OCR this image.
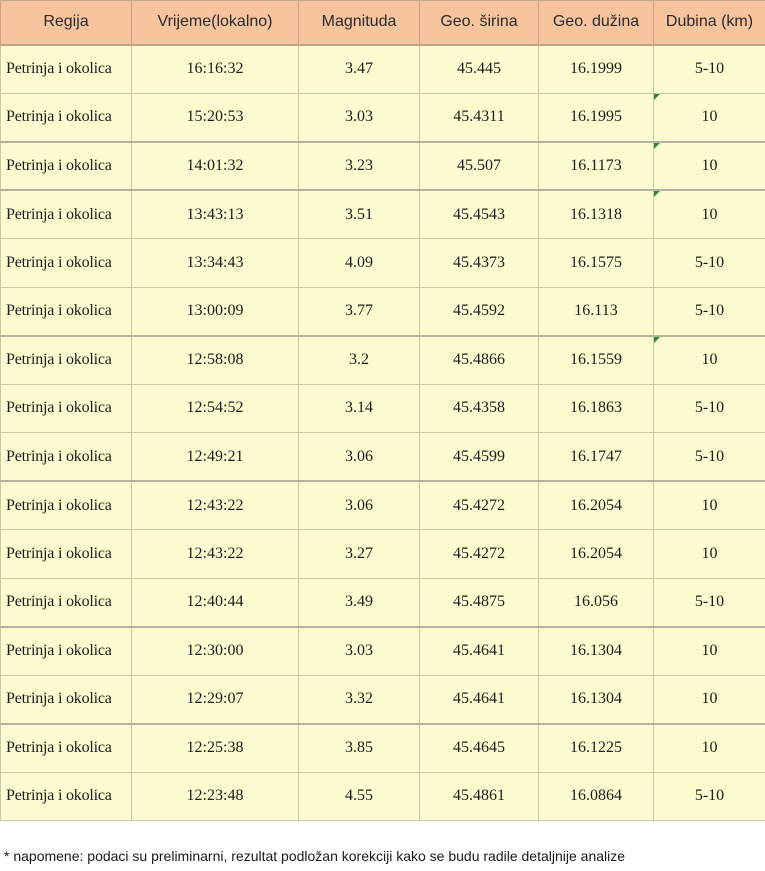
Regija	Vrijeme(lokalno)	Magnituda	Geo. širina	Geo. dužina	Dubina (km)
Petrinja i okolica	16:16:32	3.47	45.445	16.1999	5-10
Petrinja i okolica	15:20:53	3.03	45.4311	16.1995	10
Petrinja i okolica	14:01:32	3.23	45.507	16.1173	10
Petrinja i okolica	13:43:13	3.51	45.4543	16.1318	10
Petrinja i okolica	13:34:43	4.09	45.4373	16.1575	5-10
Petrinja i okolica	13:00:09	3.77	45.4592	16.113	5-10
Petrinja i okolica	12:58:08	3.2	45.4866	16.1559	10
Petrinja i okolica	12:54:52	3.14	45.4358	16.1863	5-10
Petrinja i okolica	12:49:21	3.06	45.4599	16.1747	5-10
Petrinja i okolica	12:43:22	3.06	45.4272	16.2054	10
Petrinja i okolica	12:43:22	3.27	45.4272	16.2054	10
Petrinja i okolica	12:40:44	3.49	45.4875	16.056	5-10
Petrinja i okolica	12:30:00	3.03	45.4641	16.1304	10
Petrinja i okolica	12:29:07	3.32	45.4641	16.1304	10
Petrinja i okolica	12:25:38	3.85	45.4645	16.1225	10
Petrinja i okolica	12:23:48	4.55	45.4861	16.0864	5-10
* napomene: podaci su preliminarni, rezultat podložan korekciji kako se budu radile detaljnije analize
